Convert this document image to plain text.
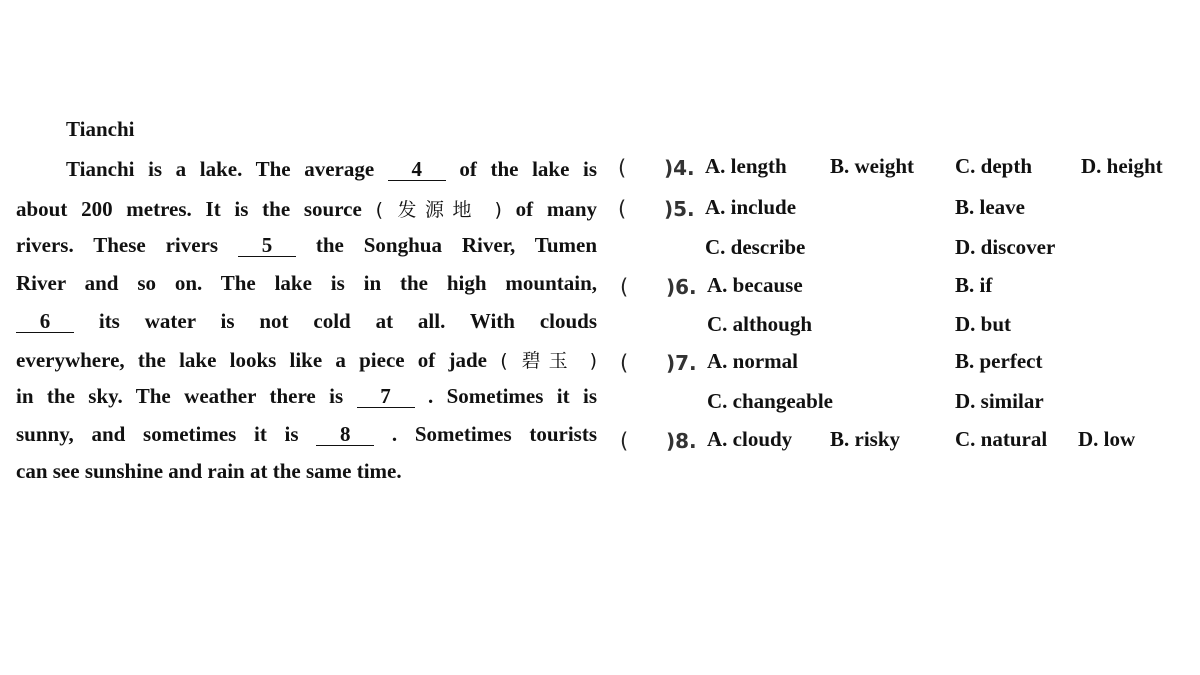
Tianchi
Tianchi is a lake. The average 4 of the lake is
about 200 metres. It is the source ( 发源地 ) of many
rivers. These rivers 5 the Songhua River, Tumen
River and so on. The lake is in the high mountain,
6 its water is not cold at all. With clouds
everywhere, the lake looks like a piece of jade ( 碧玉 )
in the sky. The weather there is 7 . Sometimes it is
sunny, and sometimes it is 8 . Sometimes tourists
can see sunshine and rain at the same time.
( )4. A. length B. weight C. depth D. height
( )5. A. include	B. leave
C. describe	D. discover
( )6. A. because	B. if
C. although	D. but
( )7. A. normal	B. perfect
C. changeable	D. similar
( )8. A. cloudy B. risky	C. natural D. low
